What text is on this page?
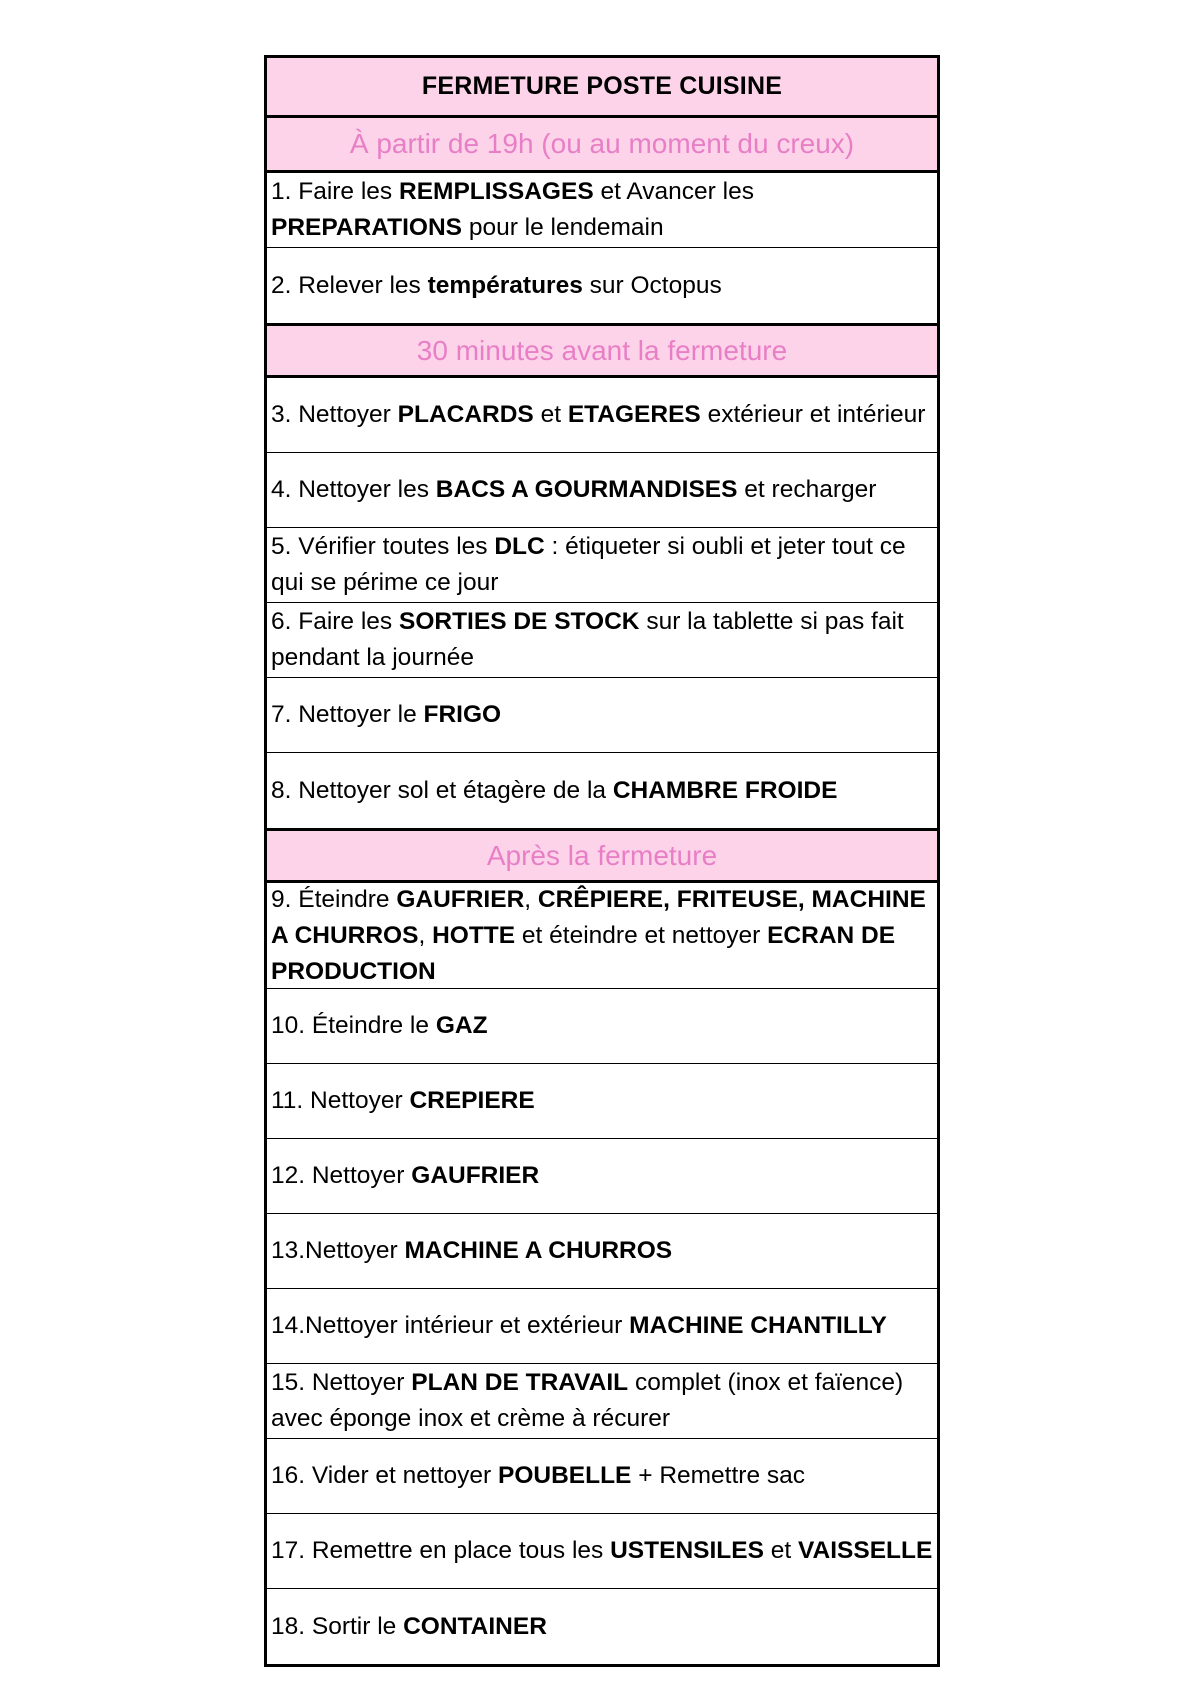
FERMETURE POSTE CUISINE
À partir de 19h (ou au moment du creux)
1. Faire les REMPLISSAGES et Avancer les PREPARATIONS pour le lendemain
2. Relever les températures sur Octopus
30 minutes avant la fermeture
3. Nettoyer PLACARDS et ETAGERES extérieur et intérieur
4. Nettoyer les BACS A GOURMANDISES et recharger
5. Vérifier toutes les DLC : étiqueter si oubli et jeter tout ce qui se périme ce jour
6. Faire les SORTIES DE STOCK sur la tablette si pas fait pendant la journée
7. Nettoyer le FRIGO
8. Nettoyer sol et étagère de la CHAMBRE FROIDE
Après la fermeture
9. Éteindre GAUFRIER, CRÊPIERE, FRITEUSE, MACHINE A CHURROS, HOTTE et éteindre et nettoyer ECRAN DE PRODUCTION
10. Éteindre le GAZ
11. Nettoyer CREPIERE
12. Nettoyer GAUFRIER
13.Nettoyer MACHINE A CHURROS
14.Nettoyer intérieur et extérieur MACHINE CHANTILLY
15. Nettoyer PLAN DE TRAVAIL complet (inox et faïence) avec éponge inox et crème à récurer
16. Vider et nettoyer POUBELLE + Remettre sac
17. Remettre en place tous les USTENSILES et VAISSELLE
18. Sortir le CONTAINER
